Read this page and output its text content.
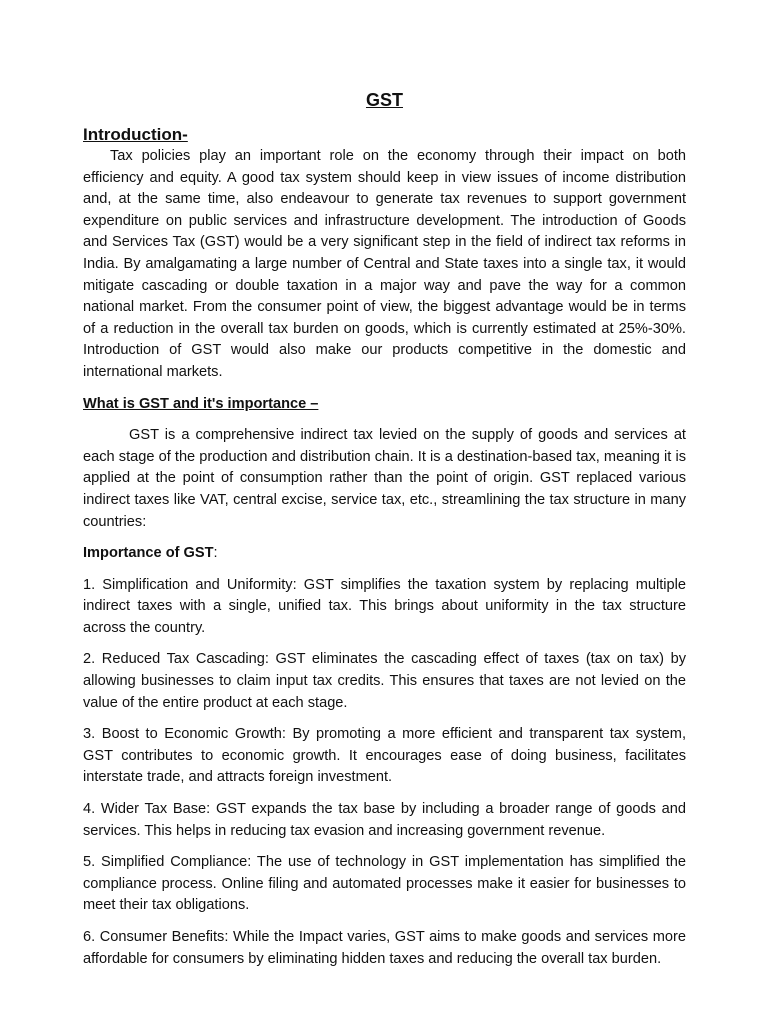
GST
Introduction-

Tax policies play an important role on the economy through their impact on both efficiency and equity. A good tax system should keep in view issues of income distribution and, at the same time, also endeavour to generate tax revenues to support government expenditure on public services and infrastructure development. The introduction of Goods and Services Tax (GST) would be a very significant step in the field of indirect tax reforms in India. By amalgamating a large number of Central and State taxes into a single tax, it would mitigate cascading or double taxation in a major way and pave the way for a common national market. From the consumer point of view, the biggest advantage would be in terms of a reduction in the overall tax burden on goods, which is currently estimated at 25%-30%. Introduction of GST would also make our products competitive in the domestic and international markets.

What is GST and it's importance –

GST is a comprehensive indirect tax levied on the supply of goods and services at each stage of the production and distribution chain. It is a destination-based tax, meaning it is applied at the point of consumption rather than the point of origin. GST replaced various indirect taxes like VAT, central excise, service tax, etc., streamlining the tax structure in many countries:

Importance of GST:

1. Simplification and Uniformity: GST simplifies the taxation system by replacing multiple indirect taxes with a single, unified tax. This brings about uniformity in the tax structure across the country.

2. Reduced Tax Cascading: GST eliminates the cascading effect of taxes (tax on tax) by allowing businesses to claim input tax credits. This ensures that taxes are not levied on the value of the entire product at each stage.

3. Boost to Economic Growth: By promoting a more efficient and transparent tax system, GST contributes to economic growth. It encourages ease of doing business, facilitates interstate trade, and attracts foreign investment.

4. Wider Tax Base: GST expands the tax base by including a broader range of goods and services. This helps in reducing tax evasion and increasing government revenue.

5. Simplified Compliance: The use of technology in GST implementation has simplified the compliance process. Online filing and automated processes make it easier for businesses to meet their tax obligations.

6. Consumer Benefits: While the Impact varies, GST aims to make goods and services more affordable for consumers by eliminating hidden taxes and reducing the overall tax burden.
